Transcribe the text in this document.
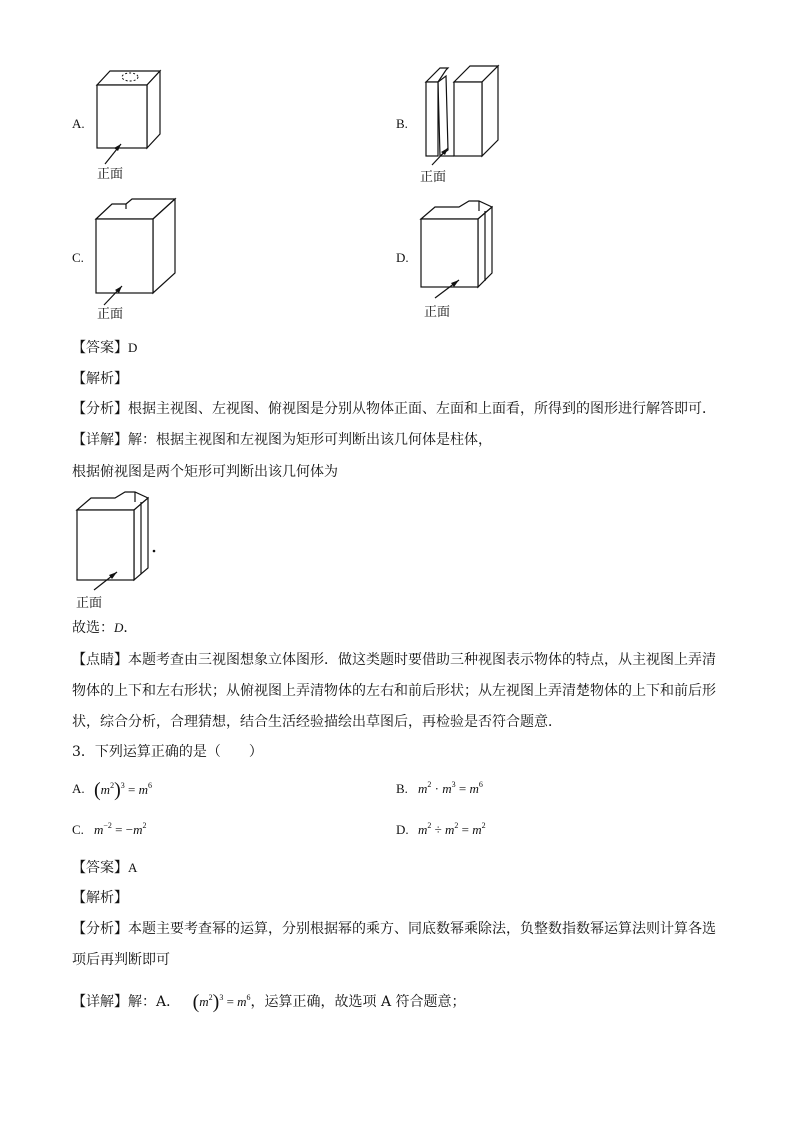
A.
正面
B.
正面
C.
正面
D.
正面
【答案】D
【解析】
【分析】根据主视图、左视图、俯视图是分别从物体正面、左面和上面看，所得到的图形进行解答即可．
【详解】解：根据主视图和左视图为矩形可判断出该几何体是柱体，
根据俯视图是两个矩形可判断出该几何体为
正面
故选：D．
【点睛】本题考查由三视图想象立体图形．做这类题时要借助三种视图表示物体的特点，从主视图上弄清
物体的上下和左右形状；从俯视图上弄清物体的左右和前后形状；从左视图上弄清楚物体的上下和前后形
状，综合分析，合理猜想，结合生活经验描绘出草图后，再检验是否符合题意．
3．下列运算正确的是（　　）
A. $(m^2)^3 = m^6$	B. $m^2 \cdot m^3 = m^6$
C. $m^{-2} = -m^2$	D. $m^2 \div m^2 = m^2$
【答案】A
【解析】
【分析】本题主要考查幂的运算，分别根据幂的乘方、同底数幂乘除法，负整数指数幂运算法则计算各选
项后再判断即可
【详解】解：A． $(m^2)^3 = m^6$，运算正确，故选项 A 符合题意；
